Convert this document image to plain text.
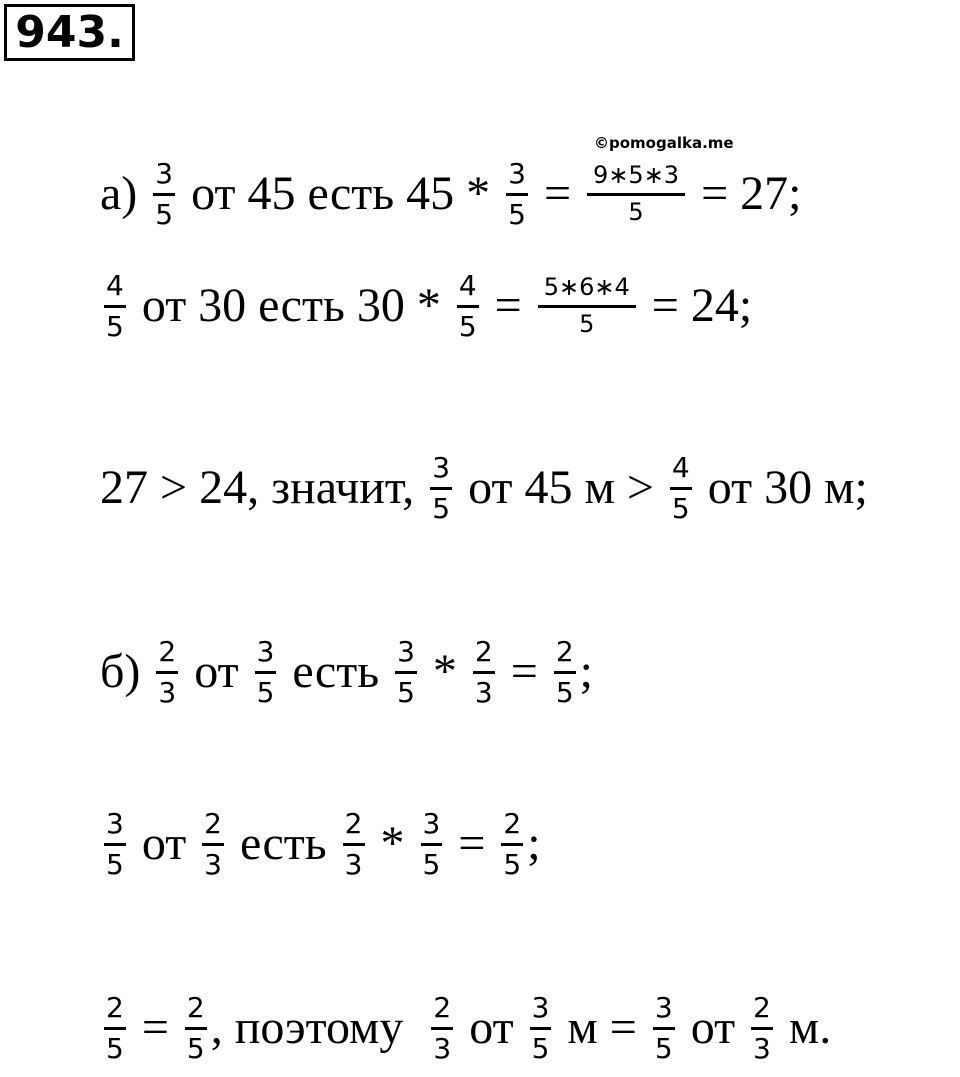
943.
©pomogalka.me
$а) \frac{3}{5}$ от 45 есть $45 * \frac{3}{5} = \frac{9∗5∗3}{5} = 27$;
$\frac{4}{5}$ от 30 есть $30 * \frac{4}{5} = \frac{5∗6∗4}{5} = 24$;
27 > 24, значит, $\frac{3}{5}$ от 45 $м > \frac{4}{5}$ от 30 м;
$б) \frac{2}{3}$ от $\frac{3}{5}$ есть $\frac{3}{5} * \frac{2}{3} = \frac{2}{5}$ ;
$\frac{3}{5}$ от $\frac{2}{3}$ есть $\frac{2}{3} * \frac{3}{5} = \frac{2}{5}$ ;
$\frac{2}{5} = \frac{2}{5}$ , поэтому $\frac{2}{3}$ от $\frac{3}{5}$ $м = \frac{3}{5}$ от $\frac{2}{3} м$.
